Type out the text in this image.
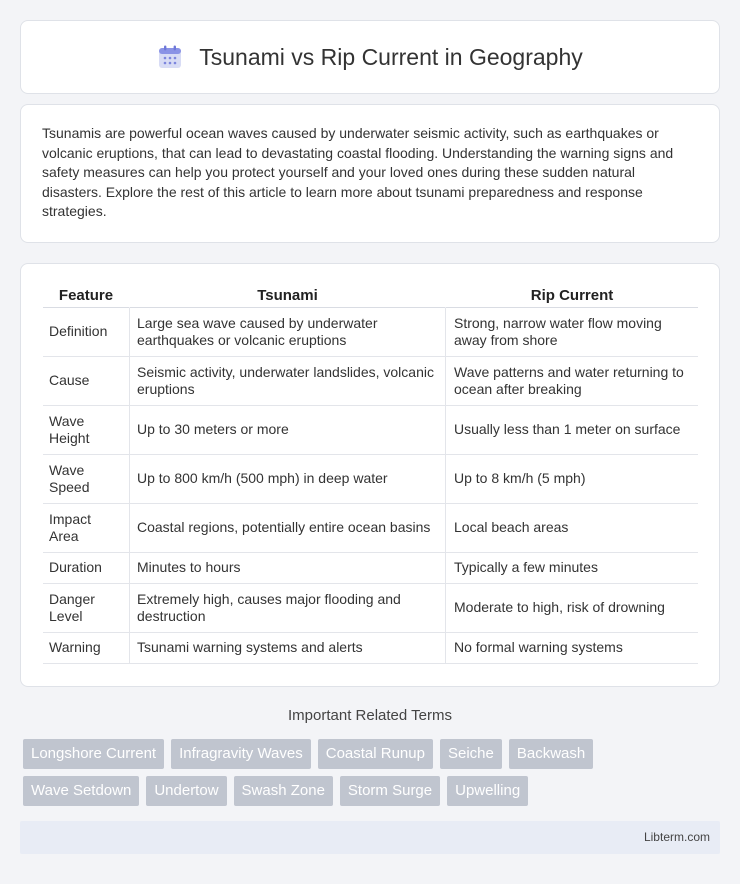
Tsunami vs Rip Current in Geography

Tsunamis are powerful ocean waves caused by underwater seismic activity, such as earthquakes or volcanic eruptions, that can lead to devastating coastal flooding. Understanding the warning signs and safety measures can help you protect yourself and your loved ones during these sudden natural disasters. Explore the rest of this article to learn more about tsunami preparedness and response strategies.

Feature	Tsunami	Rip Current
Definition	Large sea wave caused by underwater earthquakes or volcanic eruptions	Strong, narrow water flow moving away from shore
Cause	Seismic activity, underwater landslides, volcanic eruptions	Wave patterns and water returning to ocean after breaking
Wave Height	Up to 30 meters or more	Usually less than 1 meter on surface
Wave Speed	Up to 800 km/h (500 mph) in deep water	Up to 8 km/h (5 mph)
Impact Area	Coastal regions, potentially entire ocean basins	Local beach areas
Duration	Minutes to hours	Typically a few minutes
Danger Level	Extremely high, causes major flooding and destruction	Moderate to high, risk of drowning
Warning	Tsunami warning systems and alerts	No formal warning systems
Important Related Terms
Longshore Current	Infragravity Waves	Coastal Runup	Seiche	Backwash
Wave Setdown	Undertow	Swash Zone	Storm Surge	Upwelling
Libterm.com
